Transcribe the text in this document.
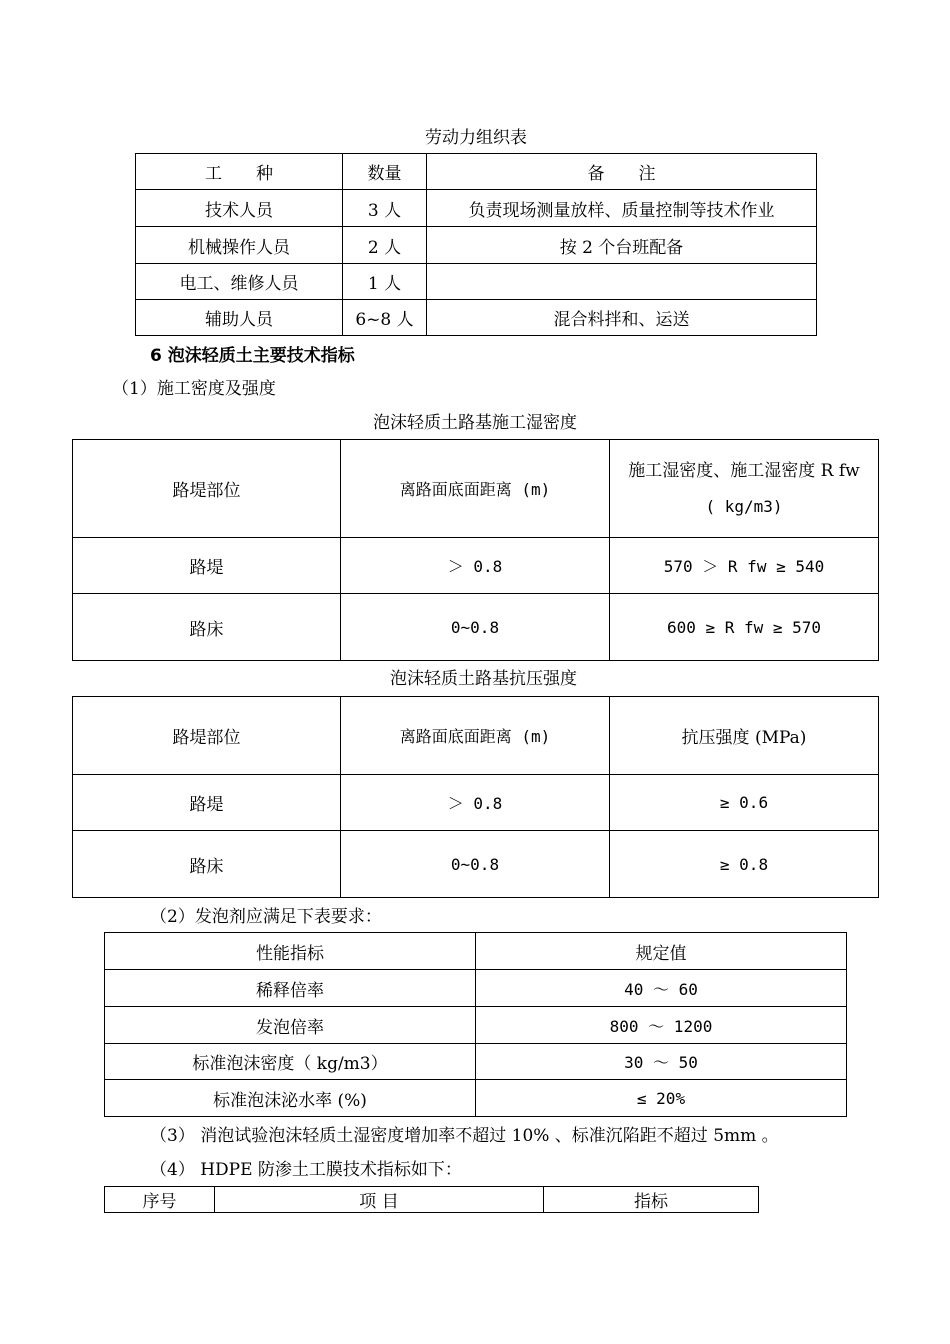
劳动力组织表
工　　种	数量	备　　注
技术人员	3 人	负责现场测量放样、质量控制等技术作业
机械操作人员	2 人	按 2 个台班配备
电工、维修人员	1 人	
辅助人员	6~8 人	混合料拌和、运送
6 泡沫轻质土主要技术指标
（1）施工密度及强度
泡沫轻质土路基施工湿密度
路堤部位	离路面底面距离 (m)	施工湿密度、施工湿密度 R fw
( kg/m3)

路堤	＞ 0.8	570 ＞ R fw ≥ 540
路床	0~0.8	600 ≥ R fw ≥ 570
泡沫轻质土路基抗压强度
路堤部位	离路面底面距离 (m)	抗压强度 (MPa)
路堤	＞ 0.8	≥ 0.6
路床	0~0.8	≥ 0.8
（2）发泡剂应满足下表要求：
性能指标	规定值
稀释倍率	40 ～ 60
发泡倍率	800 ～ 1200
标准泡沫密度（ kg/m3）	30 ～ 50
标准泡沫泌水率 (%)	≤ 20%
（3） 消泡试验泡沫轻质土湿密度增加率不超过 10% 、标准沉陷距不超过 5mm 。
（4） HDPE 防渗土工膜技术指标如下：
序号	项 目	指标
